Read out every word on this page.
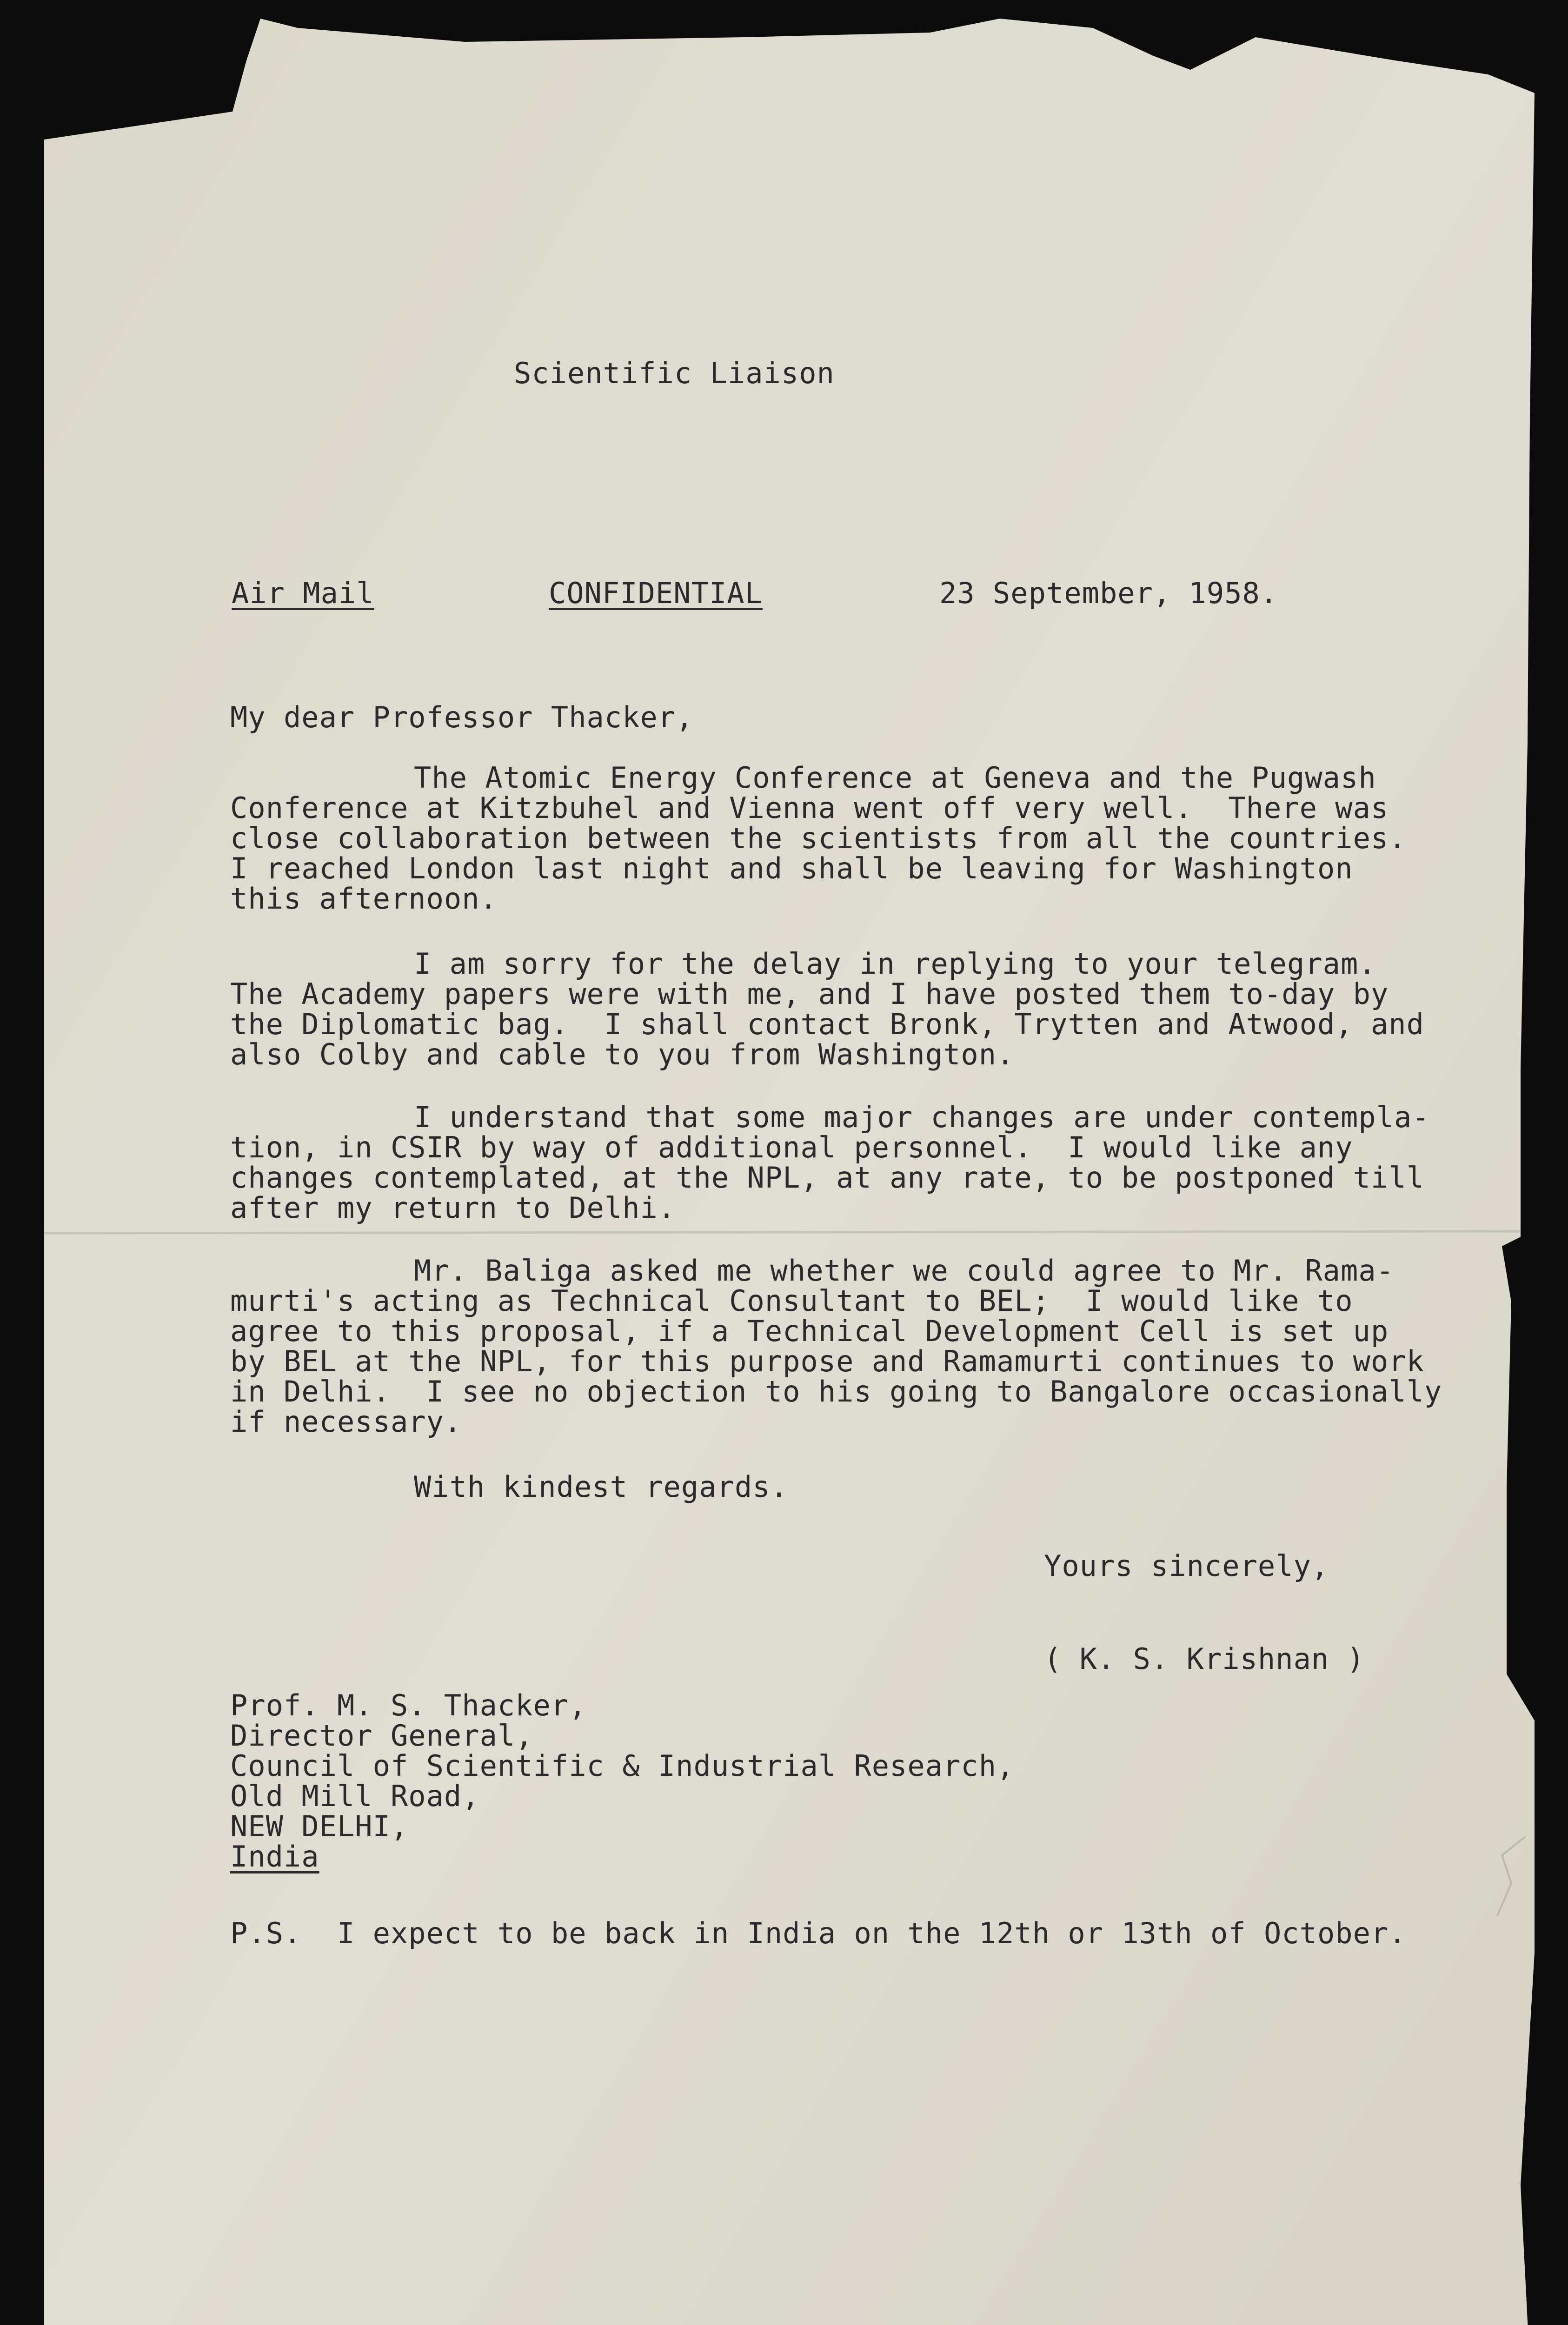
Scientific Liaison
Air Mail	CONFIDENTIAL	23 September, 1958.
My dear Professor Thacker,
The Atomic Energy Conference at Geneva and the Pugwash
Conference at Kitzbuhel and Vienna went off very well.  There was
close collaboration between the scientists from all the countries.
I reached London last night and shall be leaving for Washington
this afternoon.
I am sorry for the delay in replying to your telegram.
The Academy papers were with me, and I have posted them to-day by
the Diplomatic bag.  I shall contact Bronk, Trytten and Atwood, and
also Colby and cable to you from Washington.
I understand that some major changes are under contempla-
tion, in CSIR by way of additional personnel.  I would like any
changes contemplated, at the NPL, at any rate, to be postponed till
after my return to Delhi.
Mr. Baliga asked me whether we could agree to Mr. Rama-
murti's acting as Technical Consultant to BEL;  I would like to
agree to this proposal, if a Technical Development Cell is set up
by BEL at the NPL, for this purpose and Ramamurti continues to work
in Delhi.  I see no objection to his going to Bangalore occasionally
if necessary.
With kindest regards.
Yours sincerely,
( K. S. Krishnan )
Prof. M. S. Thacker,
Director General,
Council of Scientific & Industrial Research,
Old Mill Road,
NEW DELHI,
India
P.S.  I expect to be back in India on the 12th or 13th of October.
